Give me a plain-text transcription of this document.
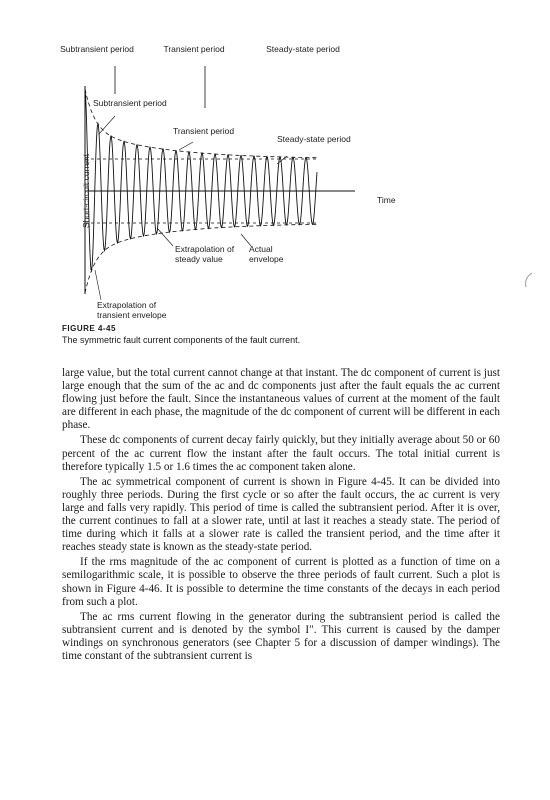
Subtransient period	Transient period	Steady-state period
Subtransient period
Transient period
Steady-state period
Time
Short-circuit current
Extrapolation of steady value
Actual envelope
Extrapolation of transient envelope
FIGURE 4-45
The symmetric fault current components of the fault current.

large value, but the total current cannot change at that instant. The dc component of current is just large enough that the sum of the ac and dc components just after the fault equals the ac current flowing just before the fault. Since the instantaneous values of current at the moment of the fault are different in each phase, the magnitude of the dc component of current will be different in each phase.

These dc components of current decay fairly quickly, but they initially average about 50 or 60 percent of the ac current flow the instant after the fault occurs. The total initial current is therefore typically 1.5 or 1.6 times the ac component taken alone.

The ac symmetrical component of current is shown in Figure 4-45. It can be divided into roughly three periods. During the first cycle or so after the fault occurs, the ac current is very large and falls very rapidly. This period of time is called the subtransient period. After it is over, the current continues to fall at a slower rate, until at last it reaches a steady state. The period of time during which it falls at a slower rate is called the transient period, and the time after it reaches steady state is known as the steady-state period.

If the rms magnitude of the ac component of current is plotted as a function of time on a semilogarithmic scale, it is possible to observe the three periods of fault current. Such a plot is shown in Figure 4-46. It is possible to determine the time constants of the decays in each period from such a plot.

The ac rms current flowing in the generator during the subtransient period is called the subtransient current and is denoted by the symbol I″. This current is caused by the damper windings on synchronous generators (see Chapter 5 for a discussion of damper windings). The time constant of the subtransient current is
